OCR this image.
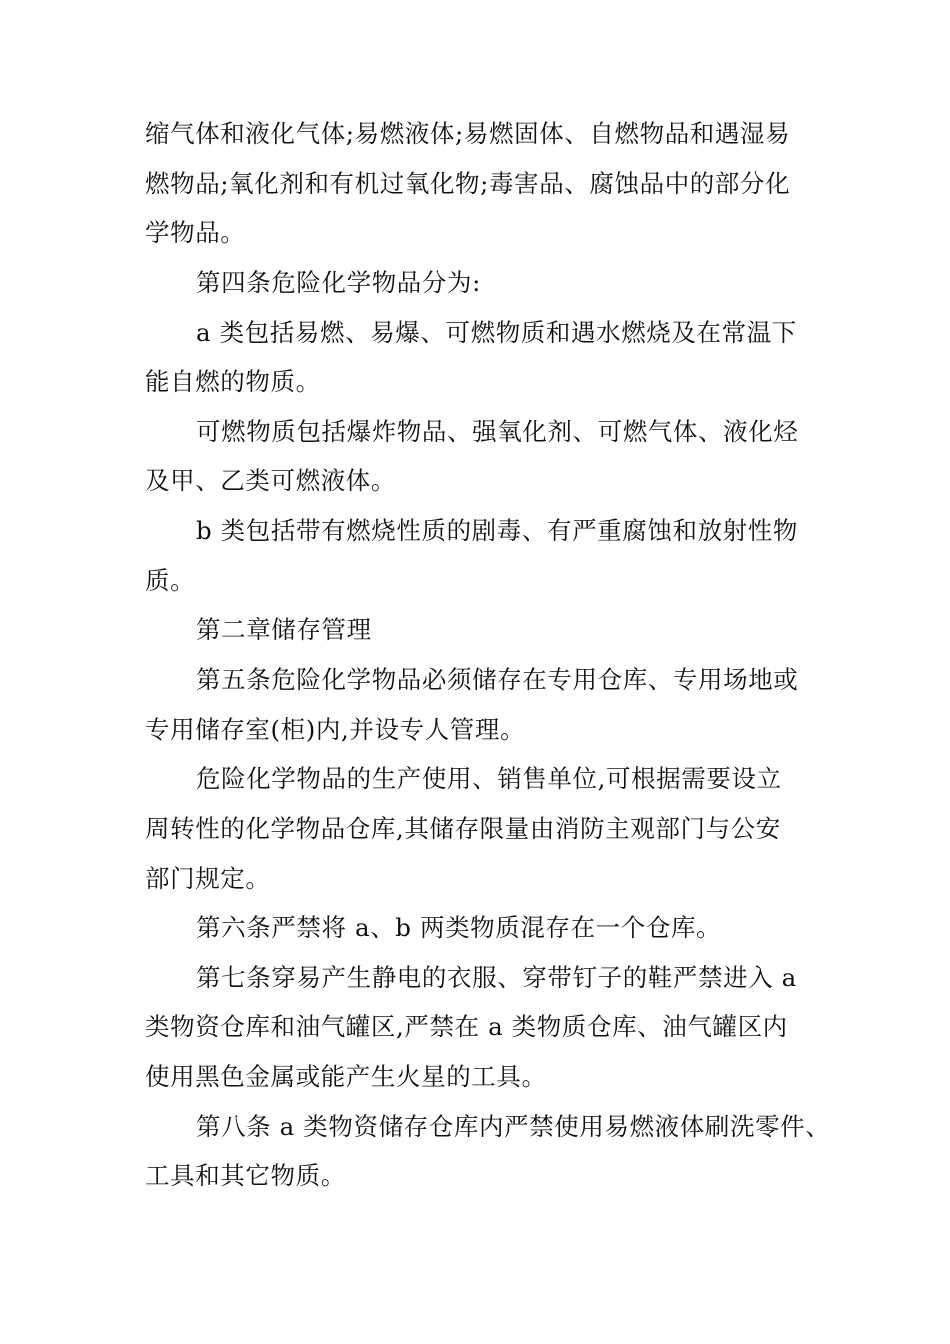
缩气体和液化气体;易燃液体;易燃固体、自燃物品和遇湿易
燃物品;氧化剂和有机过氧化物;毒害品、腐蚀品中的部分化
学物品。
第四条危险化学物品分为:
a 类包括易燃、易爆、可燃物质和遇水燃烧及在常温下
能自燃的物质。
可燃物质包括爆炸物品、强氧化剂、可燃气体、液化烃
及甲、乙类可燃液体。
b 类包括带有燃烧性质的剧毒、有严重腐蚀和放射性物
质。
第二章储存管理
第五条危险化学物品必须储存在专用仓库、专用场地或
专用储存室(柜)内,并设专人管理。
危险化学物品的生产使用、销售单位,可根据需要设立
周转性的化学物品仓库,其储存限量由消防主观部门与公安
部门规定。
第六条严禁将 a、b 两类物质混存在一个仓库。
第七条穿易产生静电的衣服、穿带钉子的鞋严禁进入 a
类物资仓库和油气罐区,严禁在 a 类物质仓库、油气罐区内
使用黑色金属或能产生火星的工具。
第八条 a 类物资储存仓库内严禁使用易燃液体刷洗零件、
工具和其它物质。
